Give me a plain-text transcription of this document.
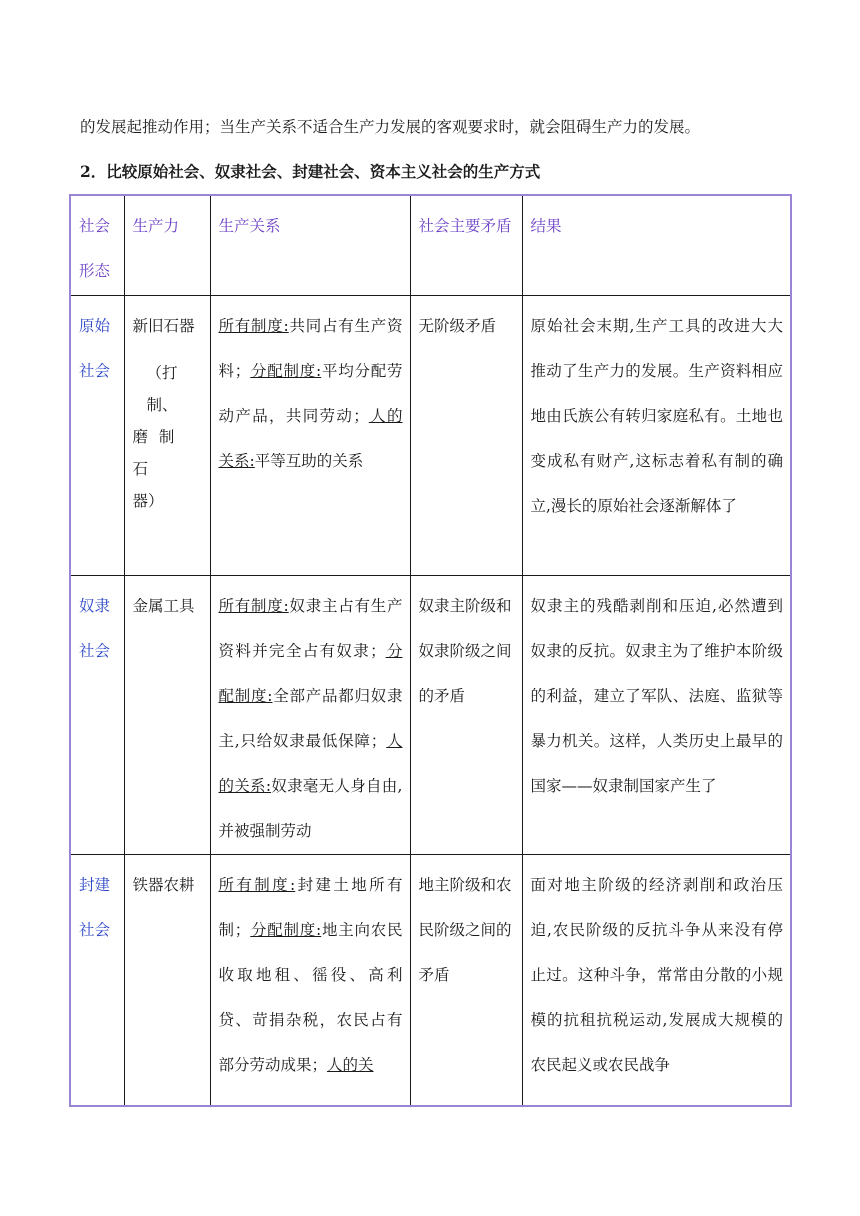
的发展起推动作用；当生产关系不适合生产力发展的客观要求时，就会阻碍生产力的发展。
2．比较原始社会、奴隶社会、封建社会、资本主义社会的生产方式
社会形态	生产力	生产关系	社会主要矛盾	结果
原始社会	新旧石器
（打制、
磨 制 石
器）	所有制度:共同占有生产资料；分配制度:平均分配劳动产品，共同劳动；人的关系:平等互助的关系	无阶级矛盾	原始社会末期,生产工具的改进大大推动了生产力的发展。生产资料相应地由氏族公有转归家庭私有。土地也变成私有财产,这标志着私有制的确立,漫长的原始社会逐渐解体了
奴隶社会	金属工具	所有制度:奴隶主占有生产资料并完全占有奴隶；分配制度:全部产品都归奴隶主,只给奴隶最低保障；人的关系:奴隶毫无人身自由,并被强制劳动	奴隶主阶级和奴隶阶级之间的矛盾	奴隶主的残酷剥削和压迫,必然遭到奴隶的反抗。奴隶主为了维护本阶级的利益，建立了军队、法庭、监狱等暴力机关。这样，人类历史上最早的国家——奴隶制国家产生了
封建社会	铁器农耕	所有制度:封建土地所有制；分配制度:地主向农民收取地租、徭役、高利贷、苛捐杂税，农民占有部分劳动成果；人的关	地主阶级和农民阶级之间的矛盾	面对地主阶级的经济剥削和政治压迫,农民阶级的反抗斗争从来没有停止过。这种斗争，常常由分散的小规模的抗租抗税运动,发展成大规模的农民起义或农民战争
